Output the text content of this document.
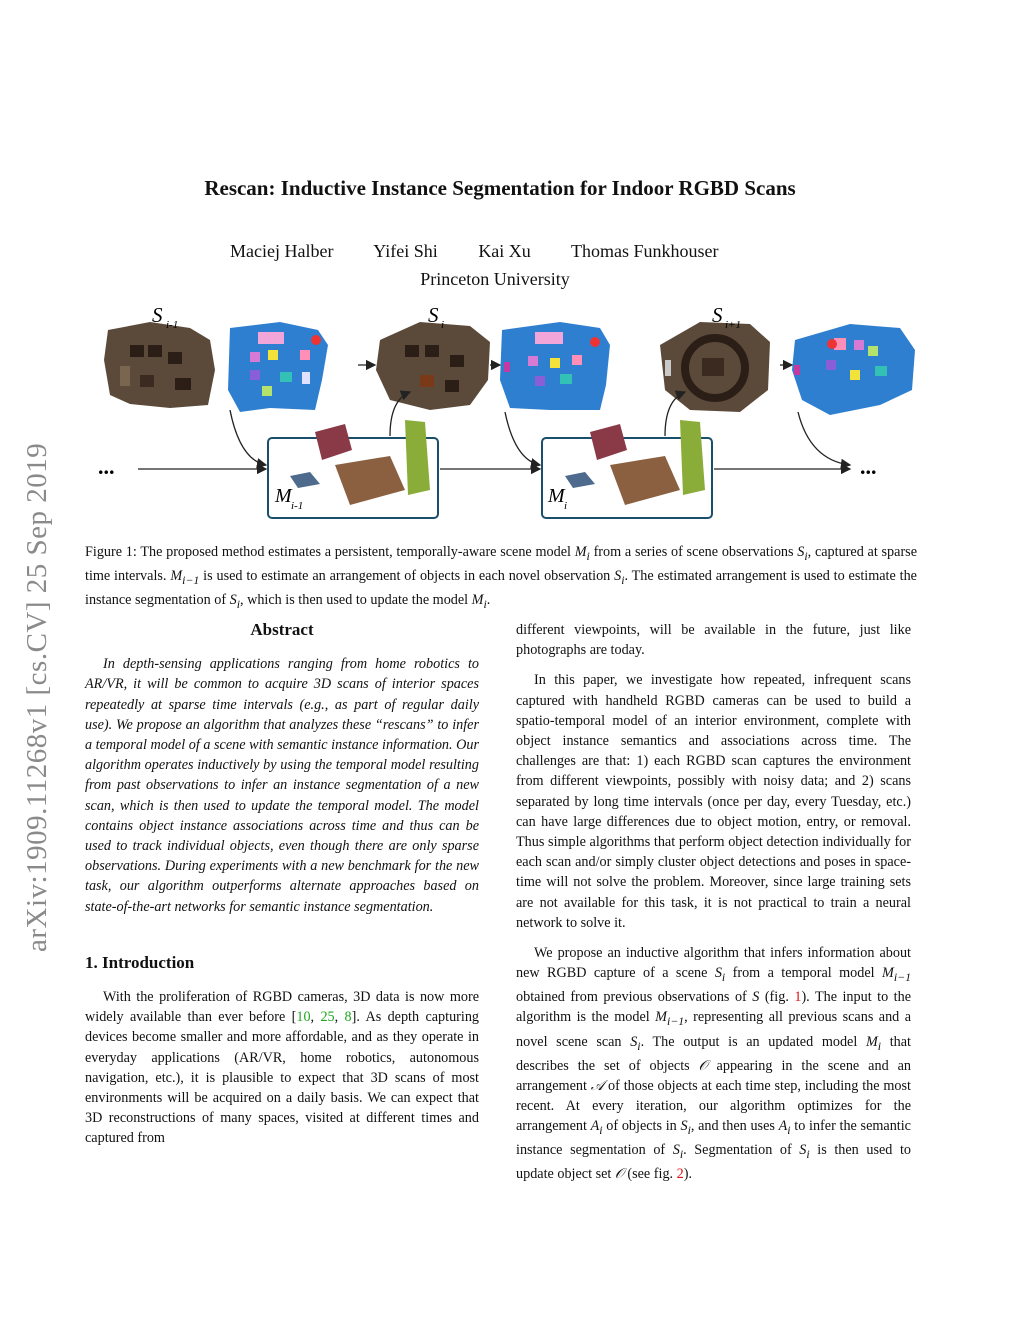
arXiv:1909.11268v1 [cs.CV] 25 Sep 2019
Rescan: Inductive Instance Segmentation for Indoor RGBD Scans
Maciej Halber Yifei Shi Kai Xu Thomas Funkhouser
Princeton University
S i-1	S i	S i+1
M i-1	M i
...	...
Figure 1: The proposed method estimates a persistent, temporally-aware scene model $M_i$ from a series of scene observations $S_i$, captured at sparse time intervals. $M_{i-1}$ is used to estimate an arrangement of objects in each novel observation $S_i$. The estimated arrangement is used to estimate the instance segmentation of $S_i$, which is then used to update the model $M_i$.
Abstract

In depth-sensing applications ranging from home robotics to AR/VR, it will be common to acquire 3D scans of interior spaces repeatedly at sparse time intervals (e.g., as part of regular daily use). We propose an algorithm that analyzes these “rescans” to infer a temporal model of a scene with semantic instance information. Our algorithm operates inductively by using the temporal model resulting from past observations to infer an instance segmentation of a new scan, which is then used to update the temporal model. The model contains object instance associations across time and thus can be used to track individual objects, even though there are only sparse observations. During experiments with a new benchmark for the new task, our algorithm outperforms alternate approaches based on state-of-the-art networks for semantic instance segmentation.

1. Introduction

With the proliferation of RGBD cameras, 3D data is now more widely available than ever before [10, 25, 8]. As depth capturing devices become smaller and more affordable, and as they operate in everyday applications (AR/VR, home robotics, autonomous navigation, etc.), it is plausible to expect that 3D scans of most environments will be acquired on a daily basis. We can expect that 3D reconstructions of many spaces, visited at different times and captured from

different viewpoints, will be available in the future, just like photographs are today.

In this paper, we investigate how repeated, infrequent scans captured with handheld RGBD cameras can be used to build a spatio-temporal model of an interior environment, complete with object instance semantics and associations across time. The challenges are that: 1) each RGBD scan captures the environment from different viewpoints, possibly with noisy data; and 2) scans separated by long time intervals (once per day, every Tuesday, etc.) can have large differences due to object motion, entry, or removal. Thus simple algorithms that perform object detection individually for each scan and/or simply cluster object detections and poses in space-time will not solve the problem. Moreover, since large training sets are not available for this task, it is not practical to train a neural network to solve it.

We propose an inductive algorithm that infers information about new RGBD capture of a scene $S_i$ from a temporal model $M_{i-1}$ obtained from previous observations of S (fig. 1). The input to the algorithm is the model $M_{i-1}$, representing all previous scans and a novel scene scan $S_i$. The output is an updated model $M_i$ that describes the set of objects 𝒪 appearing in the scene and an arrangement 𝒜 of those objects at each time step, including the most recent. At every iteration, our algorithm optimizes for the arrangement $A_i$ of objects in $S_i$, and then uses $A_i$ to infer the semantic instance segmentation of $S_i$. Segmentation of $S_i$ is then used to update object set 𝒪 (see fig. 2).
